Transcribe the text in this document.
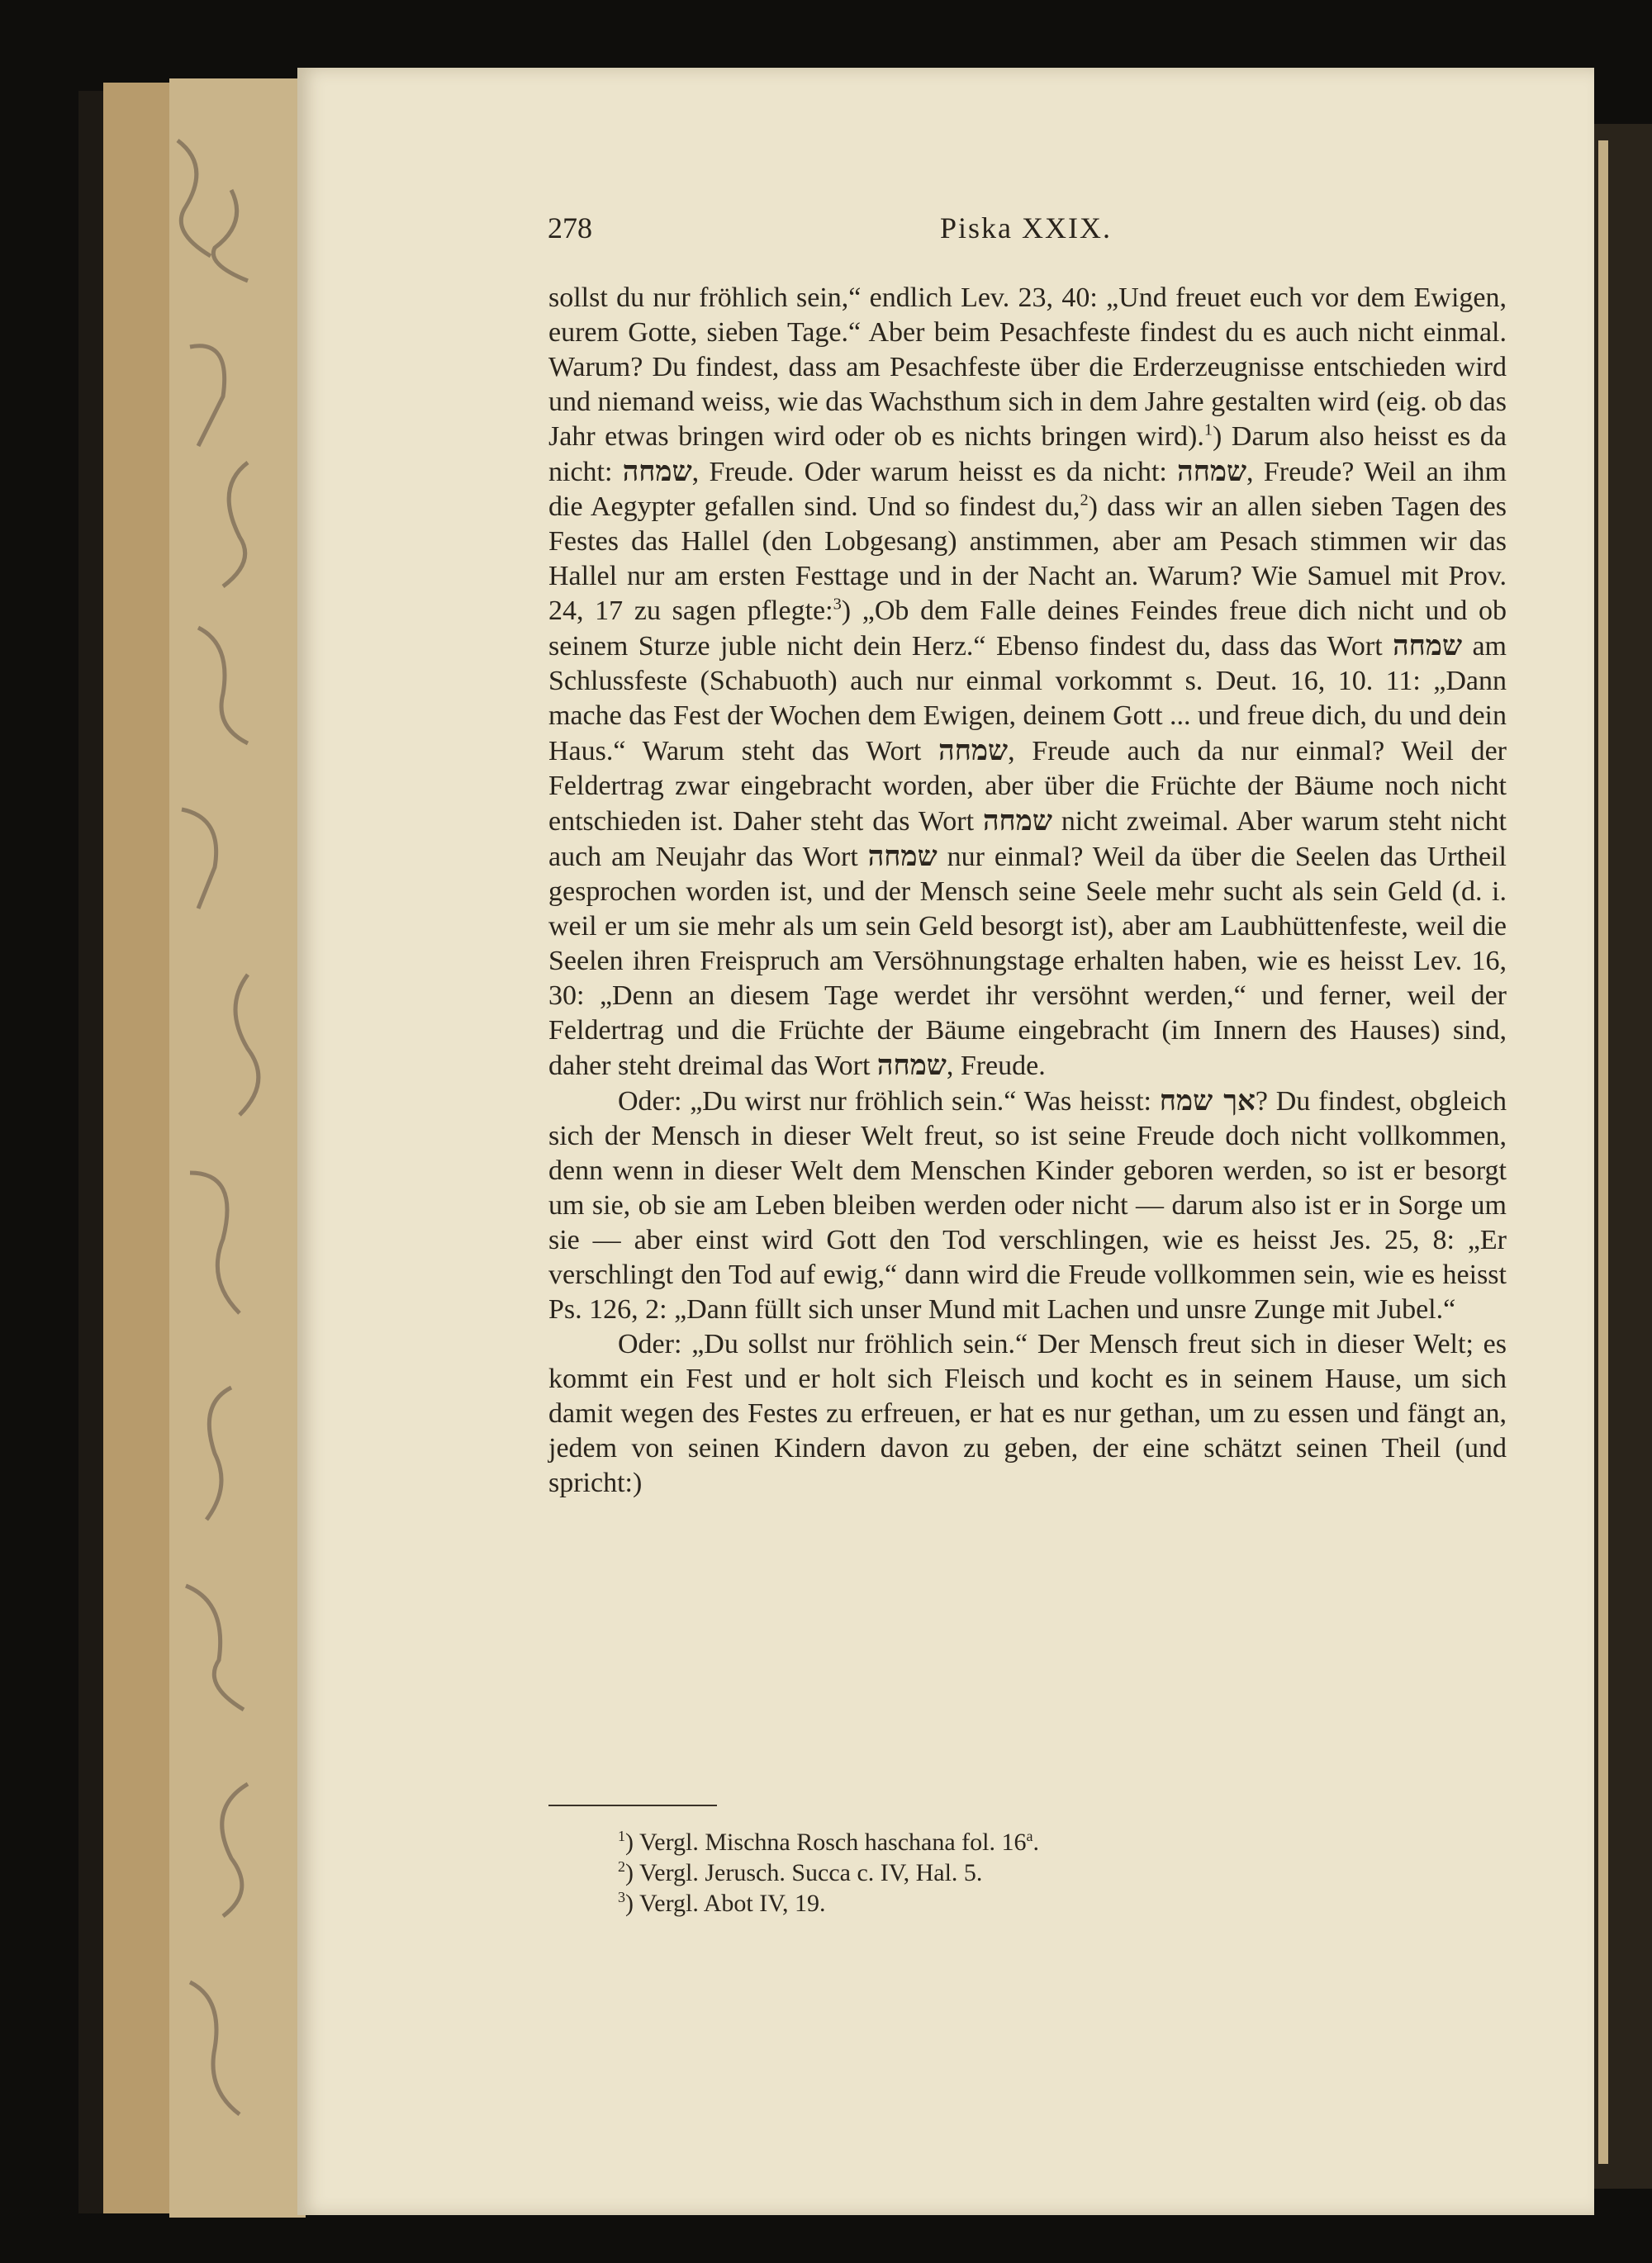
278	Piska XXIX.

sollst du nur fröhlich sein,“ endlich Lev. 23, 40: „Und freuet euch vor dem Ewigen, eurem Gotte, sieben Tage.“ Aber beim Pesachfeste findest du es auch nicht einmal. Warum? Du findest, dass am Pesachfeste über die Erderzeugnisse entschieden wird und niemand weiss, wie das Wachsthum sich in dem Jahre gestalten wird (eig. ob das Jahr etwas bringen wird oder ob es nichts bringen wird).$^1$) Darum also heisst es da nicht: שמחה, Freude. Oder warum heisst es da nicht: שמחה, Freude? Weil an ihm die Aegypter gefallen sind. Und so findest du,$^2$) dass wir an allen sieben Tagen des Festes das Hallel (den Lobgesang) anstimmen, aber am Pesach stimmen wir das Hallel nur am ersten Festtage und in der Nacht an. Warum? Wie Samuel mit Prov. 24, 17 zu sagen pflegte:$^3$) „Ob dem Falle deines Feindes freue dich nicht und ob seinem Sturze juble nicht dein Herz.“ Ebenso findest du, dass das Wort שמחה am Schlussfeste (Schabuoth) auch nur einmal vorkommt s. Deut. 16, 10. 11: „Dann mache das Fest der Wochen dem Ewigen, deinem Gott ... und freue dich, du und dein Haus.“ Warum steht das Wort שמחה, Freude auch da nur einmal? Weil der Feldertrag zwar eingebracht worden, aber über die Früchte der Bäume noch nicht entschieden ist. Daher steht das Wort שמחה nicht zweimal. Aber warum steht nicht auch am Neujahr das Wort שמחה nur einmal? Weil da über die Seelen das Urtheil gesprochen worden ist, und der Mensch seine Seele mehr sucht als sein Geld (d. i. weil er um sie mehr als um sein Geld besorgt ist), aber am Laubhüttenfeste, weil die Seelen ihren Freispruch am Versöhnungstage erhalten haben, wie es heisst Lev. 16, 30: „Denn an diesem Tage werdet ihr versöhnt werden,“ und ferner, weil der Feldertrag und die Früchte der Bäume eingebracht (im Innern des Hauses) sind, daher steht dreimal das Wort שמחה, Freude.

Oder: „Du wirst nur fröhlich sein.“ Was heisst: אך שמח? Du findest, obgleich sich der Mensch in dieser Welt freut, so ist seine Freude doch nicht vollkommen, denn wenn in dieser Welt dem Menschen Kinder geboren werden, so ist er besorgt um sie, ob sie am Leben bleiben werden oder nicht — darum also ist er in Sorge um sie — aber einst wird Gott den Tod verschlingen, wie es heisst Jes. 25, 8: „Er verschlingt den Tod auf ewig,“ dann wird die Freude vollkommen sein, wie es heisst Ps. 126, 2: „Dann füllt sich unser Mund mit Lachen und unsre Zunge mit Jubel.“

Oder: „Du sollst nur fröhlich sein.“ Der Mensch freut sich in dieser Welt; es kommt ein Fest und er holt sich Fleisch und kocht es in seinem Hause, um sich damit wegen des Festes zu erfreuen, er hat es nur gethan, um zu essen und fängt an, jedem von seinen Kindern davon zu geben, der eine schätzt seinen Theil (und spricht:)

$^1$) Vergl. Mischna Rosch haschana fol. 16$^a$.

$^2$) Vergl. Jerusch. Succa c. IV, Hal. 5.

$^3$) Vergl. Abot IV, 19.
